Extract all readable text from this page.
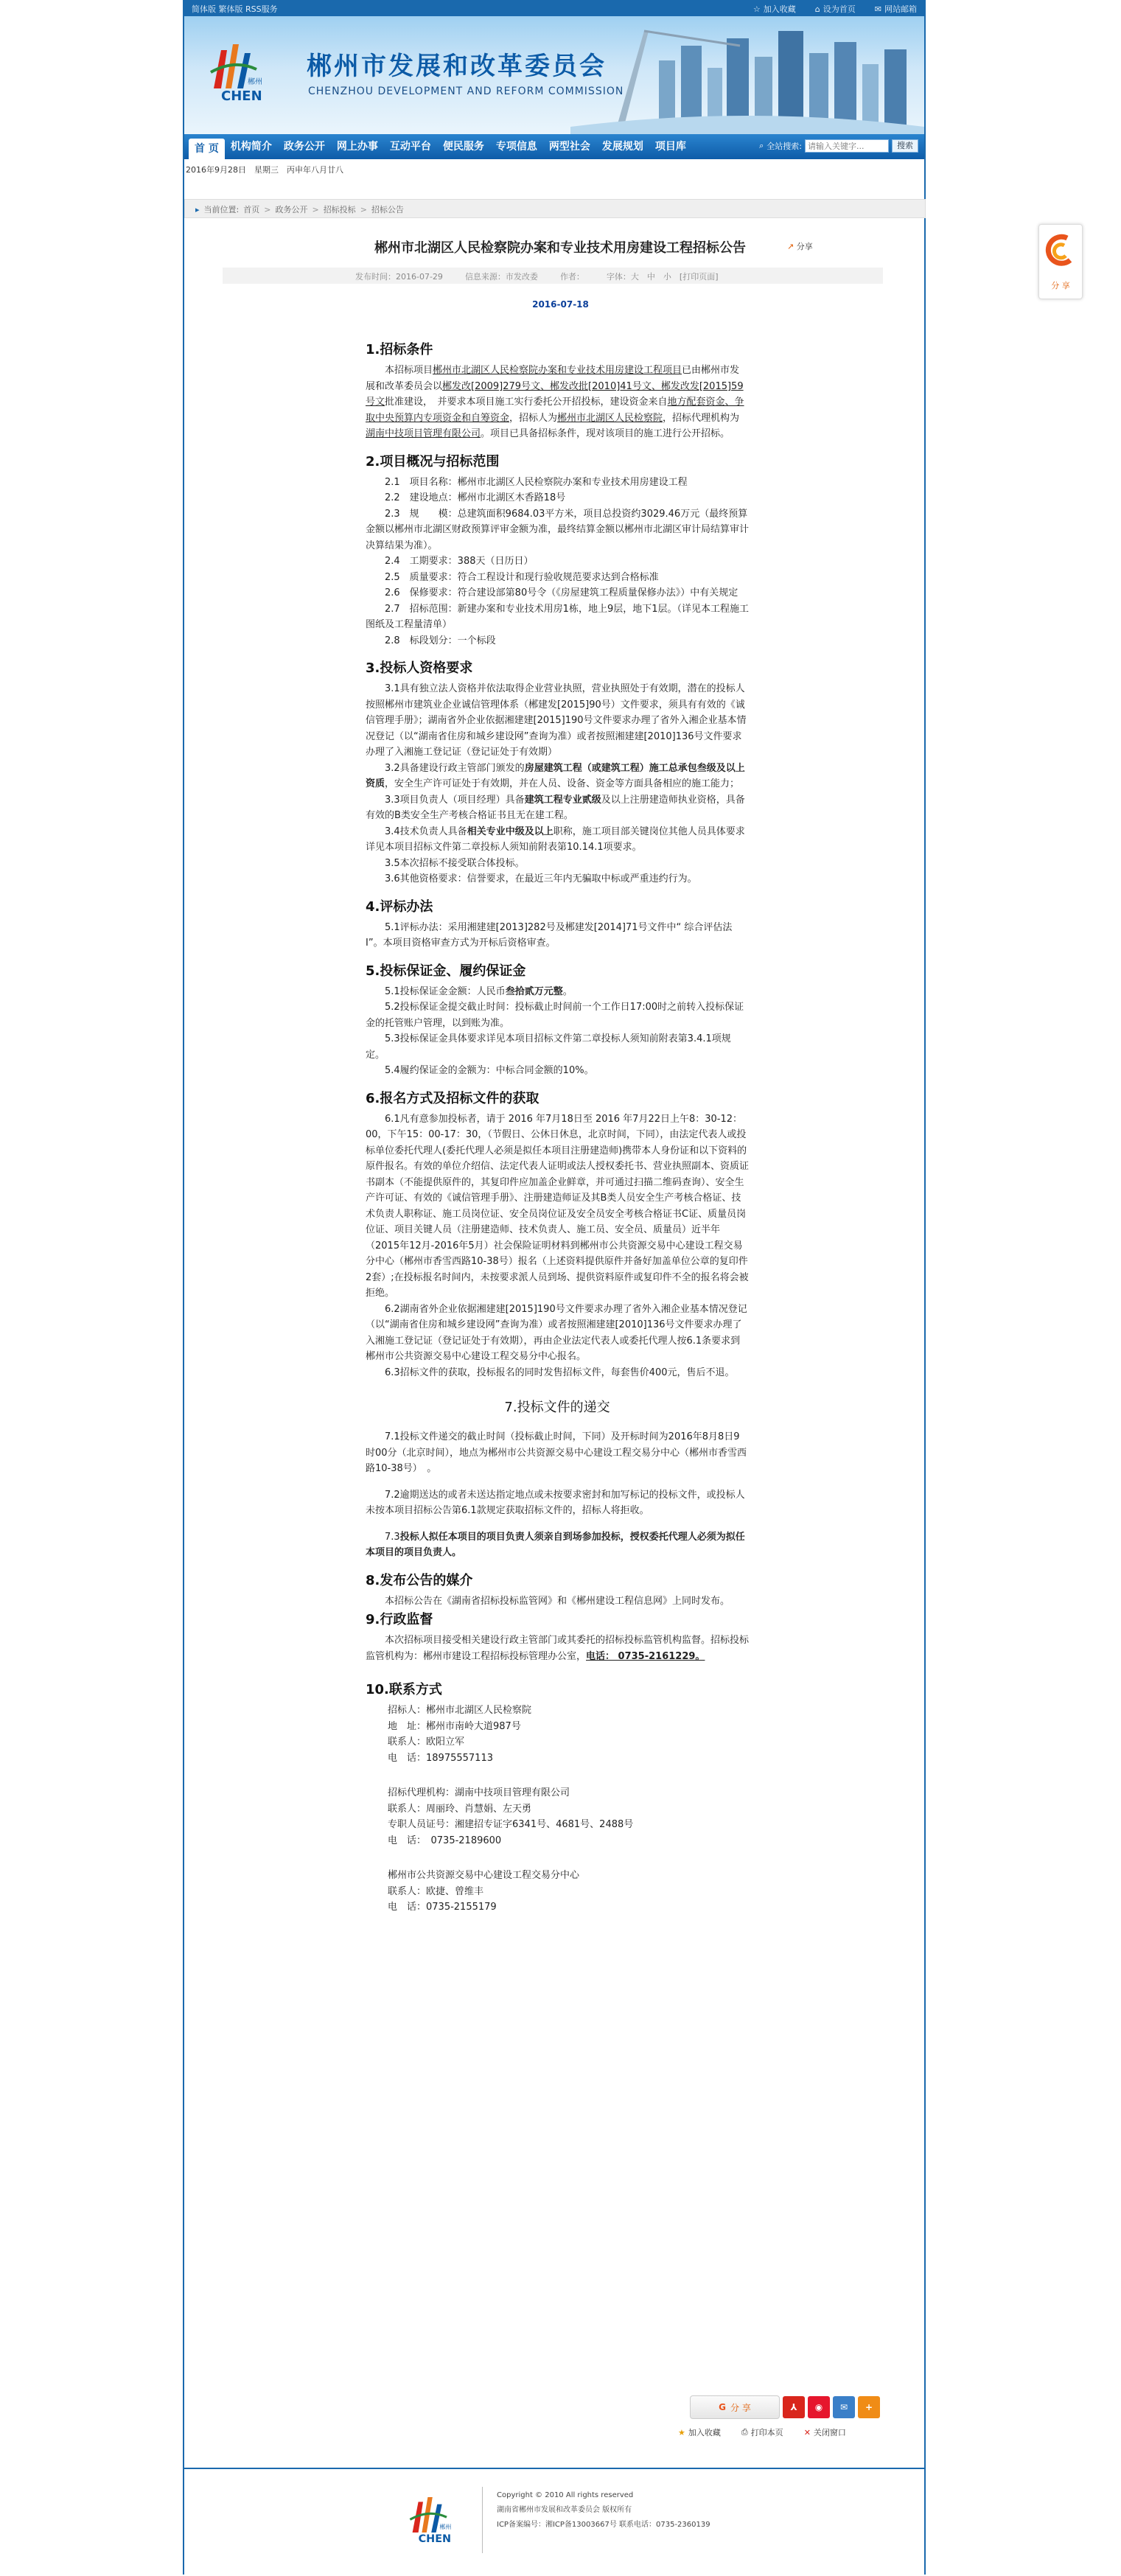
简体版 繁体版 RSS服务	☆ 加入收藏 ⌂ 设为首页 ✉ 网站邮箱
郴州
CHEN
郴州市发展和改革委员会
CHENZHOU DEVELOPMENT AND REFORM COMMISSION
首 页	机构简介	政务公开	网上办事	互动平台	便民服务	专项信息	两型社会	发展规划	项目库	⌕ 全站搜索:
请输入关键字...	搜索
2016年9月28日　星期三　丙申年八月廿八
▸ 当前位置: 首页 > 政务公开 > 招标投标 > 招标公告
郴州市北湖区人民检察院办案和专业技术用房建设工程招标公告	↗ 分享
发布时间：2016-07-29	信息来源：市发改委	作者：	字体：大　中　小　[打印页面]
2016-07-18
1.招标条件

本招标项目郴州市北湖区人民检察院办案和专业技术用房建设工程项目已由郴州市发展和改革委员会以郴发改[2009]279号文、郴发改批[2010]41号文、郴发改发[2015]59号文批准建设，　并要求本项目施工实行委托公开招投标，建设资金来自地方配套资金、争取中央预算内专项资金和自筹资金，招标人为郴州市北湖区人民检察院，招标代理机构为湖南中技项目管理有限公司。项目已具备招标条件，现对该项目的施工进行公开招标。

2.项目概况与招标范围

2.1　项目名称：郴州市北湖区人民检察院办案和专业技术用房建设工程

2.2　建设地点：郴州市北湖区木香路18号

2.3　规　　模：总建筑面积9684.03平方米，项目总投资约3029.46万元（最终预算金额以郴州市北湖区财政预算评审金额为准，最终结算金额以郴州市北湖区审计局结算审计决算结果为准）。

2.4　工期要求：388天（日历日）

2.5　质量要求：符合工程设计和现行验收规范要求达到合格标准

2.6　保修要求：符合建设部第80号令（《房屋建筑工程质量保修办法》）中有关规定

2.7　招标范围：新建办案和专业技术用房1栋，地上9层，地下1层。（详见本工程施工图纸及工程量清单）

2.8　标段划分：一个标段

3.投标人资格要求

3.1具有独立法人资格并依法取得企业营业执照，营业执照处于有效期，潜在的投标人按照郴州市建筑业企业诚信管理体系（郴建发[2015]90号）文件要求，须具有有效的《诚信管理手册》；湖南省外企业依据湘建建[2015]190号文件要求办理了省外入湘企业基本情况登记（以“湖南省住房和城乡建设网”查询为准）或者按照湘建建[2010]136号文件要求办理了入湘施工登记证（登记证处于有效期）

3.2具备建设行政主管部门颁发的房屋建筑工程（或建筑工程）施工总承包叁级及以上资质，安全生产许可证处于有效期，并在人员、设备、资金等方面具备相应的施工能力；

3.3项目负责人（项目经理）具备建筑工程专业贰级及以上注册建造师执业资格，具备有效的B类安全生产考核合格证书且无在建工程。

3.4技术负责人具备相关专业中级及以上职称，施工项目部关键岗位其他人员具体要求详见本项目招标文件第二章投标人须知前附表第10.14.1项要求。

3.5本次招标不接受联合体投标。

3.6其他资格要求：信誉要求，在最近三年内无骗取中标或严重违约行为。

4.评标办法

5.1评标办法：采用湘建建[2013]282号及郴建发[2014]71号文件中“ 综合评估法Ⅰ”。本项目资格审查方式为开标后资格审查。

5.投标保证金、履约保证金

5.1投标保证金金额：人民币叁拾贰万元整。

5.2投标保证金提交截止时间：投标截止时间前一个工作日17:00时之前转入投标保证金的托管账户管理，以到账为准。

5.3投标保证金具体要求详见本项目招标文件第二章投标人须知前附表第3.4.1项规定。

5.4履约保证金的金额为：中标合同金额的10%。

6.报名方式及招标文件的获取

6.1凡有意参加投标者，请于 2016 年7月18日至 2016 年7月22日上午8：30-12：00，下午15：00-17：30，（节假日、公休日休息，北京时间，下同），由法定代表人或投标单位委托代理人(委托代理人必须是拟任本项目注册建造师)携带本人身份证和以下资料的原件报名。有效的单位介绍信、法定代表人证明或法人授权委托书、营业执照副本、资质证书副本（不能提供原件的，其复印件应加盖企业鲜章，并可通过扫描二维码查询）、安全生产许可证、有效的《诚信管理手册》、注册建造师证及其B类人员安全生产考核合格证、技术负责人职称证、施工员岗位证、安全员岗位证及安全员安全考核合格证书C证、质量员岗位证、项目关键人员（注册建造师、技术负责人、施工员、安全员、质量员）近半年（2015年12月-2016年5月）社会保险证明材料到郴州市公共资源交易中心建设工程交易分中心（郴州市香雪西路10-38号）报名（上述资料提供原件并备好加盖单位公章的复印件2套）;在投标报名时间内，未按要求派人员到场、提供资料原件或复印件不全的报名将会被拒绝。

6.2湖南省外企业依据湘建建[2015]190号文件要求办理了省外入湘企业基本情况登记（以“湖南省住房和城乡建设网”查询为准）或者按照湘建建[2010]136号文件要求办理了入湘施工登记证（登记证处于有效期），再由企业法定代表人或委托代理人按6.1条要求到郴州市公共资源交易中心建设工程交易分中心报名。

6.3招标文件的获取，投标报名的同时发售招标文件，每套售价400元，售后不退。

7.投标文件的递交

7.1投标文件递交的截止时间（投标截止时间，下同）及开标时间为2016年8月8日9时00分（北京时间），地点为郴州市公共资源交易中心建设工程交易分中心（郴州市香雪西路10-38号）　。

7.2逾期送达的或者未送达指定地点或未按要求密封和加写标记的投标文件，或投标人未按本项目招标公告第6.1款规定获取招标文件的，招标人将拒收。

7.3投标人拟任本项目的项目负责人须亲自到场参加投标，授权委托代理人必须为拟任本项目的项目负责人。

8.发布公告的媒介

本招标公告在《湖南省招标投标监管网》和《郴州建设工程信息网》上同时发布。

9.行政监督

本次招标项目接受相关建设行政主管部门或其委托的招标投标监管机构监督。招标投标监管机构为：郴州市建设工程招标投标管理办公室，电话： 0735-2161229。

10.联系方式

招标人：郴州市北湖区人民检察院

地　址：郴州市南岭大道987号

联系人：欧阳立军

电　话：18975557113

招标代理机构：湖南中技项目管理有限公司

联系人：周丽玲、肖慧娟、左天勇

专职人员证号：湘建招专证字6341号、4681号、2488号

电　话：　0735-2189600

郴州市公共资源交易中心建设工程交易分中心

联系人：欧捷、曾维丰

电　话：0735-2155179

分 享
G 分 享	⅄	◉	✉	+
★ 加入收藏	⎙ 打印本页	✕ 关闭窗口
郴州
CHEN
Copyright © 2010 All rights reserved
湖南省郴州市发展和改革委员会 版权所有
ICP备案编号：湘ICP备13003667号 联系电话：0735-2360139
